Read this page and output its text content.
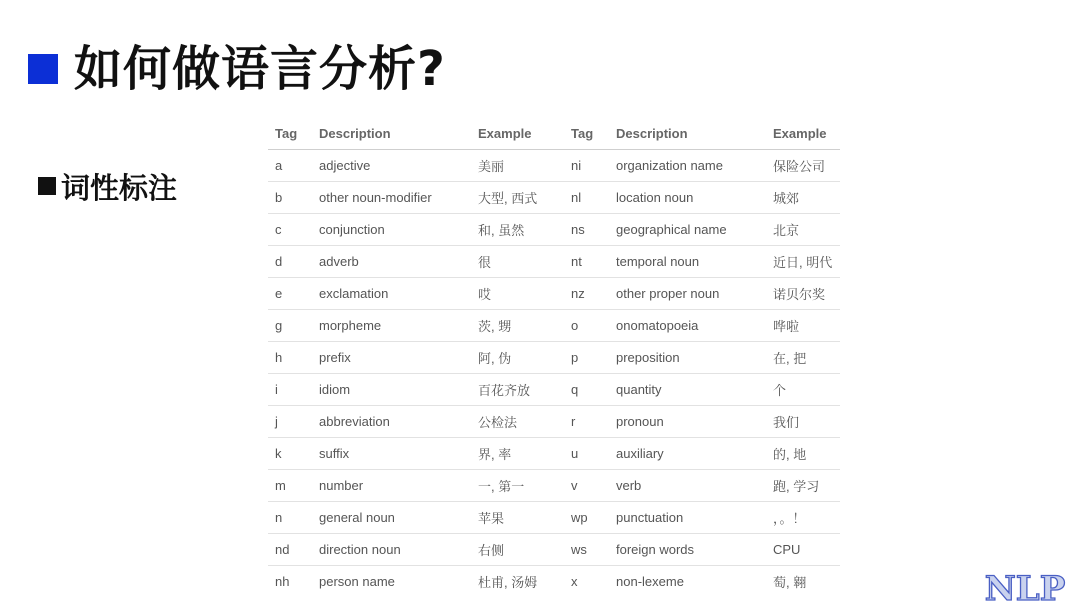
如何做语言分析?
词性标注
Tag	Description	Example	Tag	Description	Example
a	adjective	美丽	ni	organization name	保险公司
b	other noun-modifier	大型, 西式	nl	location noun	城郊
c	conjunction	和, 虽然	ns	geographical name	北京
d	adverb	很	nt	temporal noun	近日, 明代
e	exclamation	哎	nz	other proper noun	诺贝尔奖
g	morpheme	茨, 甥	o	onomatopoeia	哗啦
h	prefix	阿, 伪	p	preposition	在, 把
i	idiom	百花齐放	q	quantity	个
j	abbreviation	公检法	r	pronoun	我们
k	suffix	界, 率	u	auxiliary	的, 地
m	number	一, 第一	v	verb	跑, 学习
n	general noun	苹果	wp	punctuation	，。！
nd	direction noun	右侧	ws	foreign words	CPU
nh	person name	杜甫, 汤姆	x	non-lexeme	萄, 翱	NLP
